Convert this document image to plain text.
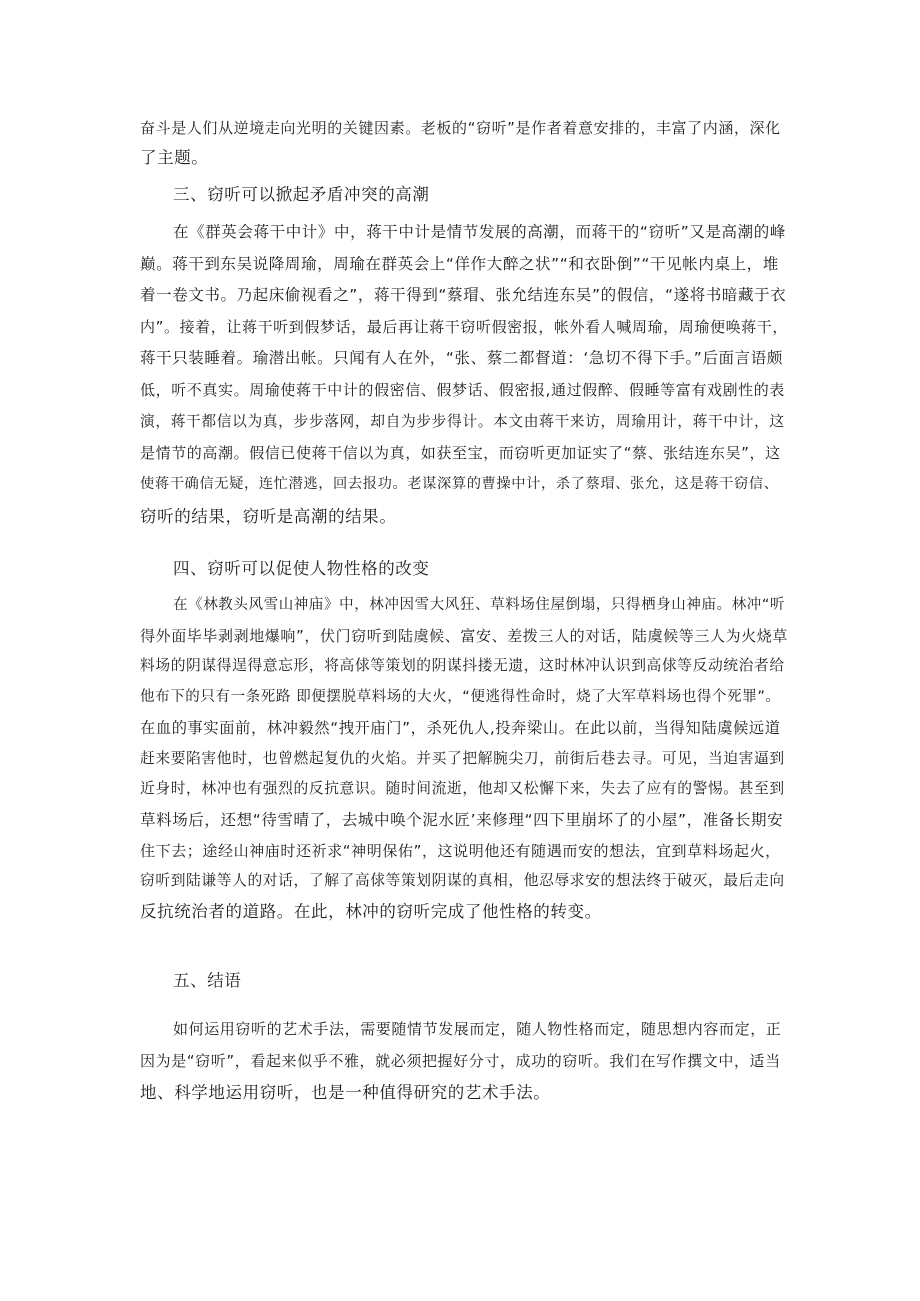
奋斗是人们从逆境走向光明的关键因素。老板的“窃听”是作者着意安排的，丰富了内涵，深化

了主题。

三、窃听可以掀起矛盾冲突的高潮

在《群英会蒋干中计》中，蒋干中计是情节发展的高潮，而蒋干的“窃听”又是高潮的峰

巅。蒋干到东吴说降周瑜，周瑜在群英会上“佯作大醉之状”“和衣卧倒”“干见帐内桌上，堆

着一卷文书。乃起床偷视看之”，蒋干得到“蔡瑁、张允结连东吴”的假信，“遂将书暗藏于衣

内”。接着，让蒋干听到假梦话，最后再让蒋干窃听假密报，帐外看人喊周瑜，周瑜便唤蒋干，

蒋干只装睡着。瑜潜出帐。只闻有人在外，“张、蔡二都督道：‘急切不得下手。”后面言语颇

低，听不真实。周瑜使蒋干中计的假密信、假梦话、假密报,通过假醉、假睡等富有戏剧性的表

演，蒋干都信以为真，步步落网，却自为步步得计。本文由蒋干来访，周瑜用计，蒋干中计，这

是情节的高潮。假信已使蒋干信以为真，如获至宝，而窃听更加证实了“蔡、张结连东吴”，这

使蒋干确信无疑，连忙潜逃，回去报功。老谋深算的曹操中计，杀了蔡瑁、张允，这是蒋干窃信、

窃听的结果，窃听是高潮的结果。

四、窃听可以促使人物性格的改变

在《林教头风雪山神庙》中，林冲因雪大风狂、草料场住屋倒塌，只得栖身山神庙。林冲“听

得外面毕毕剥剥地爆响”，伏门窃听到陆虞候、富安、差拨三人的对话，陆虞候等三人为火烧草

料场的阴谋得逞得意忘形，将高俅等策划的阴谋抖搂无遗，这时林冲认识到高俅等反动统治者给

他布下的只有一条死路 即便摆脱草料场的大火，“便逃得性命时，烧了大军草料场也得个死罪”。

在血的事实面前，林冲毅然“拽开庙门”，杀死仇人,投奔梁山。在此以前，当得知陆虞候远道

赶来要陷害他时，也曾燃起复仇的火焰。并买了把解腕尖刀，前街后巷去寻。可见，当迫害逼到

近身时，林冲也有强烈的反抗意识。随时间流逝，他却又松懈下来，失去了应有的警惕。甚至到

草料场后，还想“待雪晴了，去城中唤个泥水匠’来修理“四下里崩坏了的小屋”，准备长期安

住下去；途经山神庙时还祈求“神明保佑”，这说明他还有随遇而安的想法，宜到草料场起火，

窃听到陆谦等人的对话，了解了高俅等策划阴谋的真相，他忍辱求安的想法终于破灭，最后走向

反抗统治者的道路。在此，林冲的窃听完成了他性格的转变。

五、结语

如何运用窃听的艺术手法，需要随情节发展而定，随人物性格而定，随思想内容而定，正

因为是“窃听”，看起来似乎不雅，就必须把握好分寸，成功的窃听。我们在写作撰文中，适当

地、科学地运用窃听，也是一种值得研究的艺术手法。
